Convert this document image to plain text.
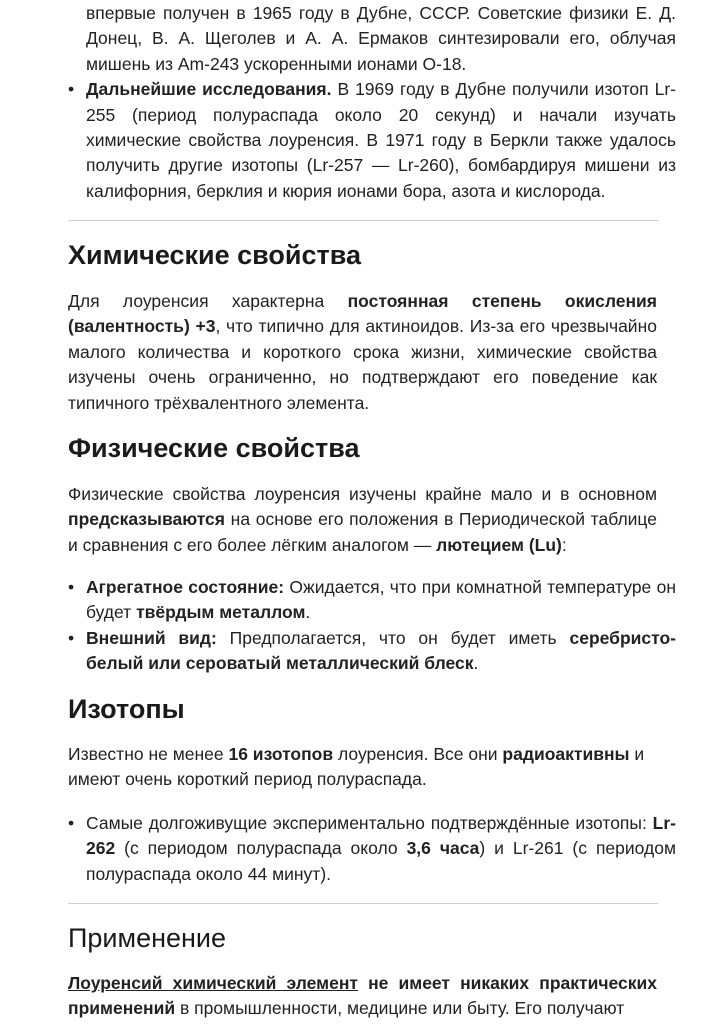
впервые получен в 1965 году в Дубне, СССР. Советские физики Е. Д. Донец, В. А. Щеголев и А. А. Ермаков синтезировали его, облучая мишень из Am-243 ускоренными ионами O-18.
• Дальнейшие исследования. В 1969 году в Дубне получили изотоп Lr-255 (период полураспада около 20 секунд) и начали изучать химические свойства лоуренсия. В 1971 году в Беркли также удалось получить другие изотопы (Lr-257 — Lr-260), бомбардируя мишени из калифорния, берклия и кюрия ионами бора, азота и кислорода.
Химические свойства

Для лоуренсия характерна постоянная степень окисления (валентность) +3, что типично для актиноидов. Из-за его чрезвычайно малого количества и короткого срока жизни, химические свойства изучены очень ограниченно, но подтверждают его поведение как типичного трёхвалентного элемента.

Физические свойства

Физические свойства лоуренсия изучены крайне мало и в основном предсказываются на основе его положения в Периодической таблице и сравнения с его более лёгким аналогом — лютецием (Lu):

• Агрегатное состояние: Ожидается, что при комнатной температуре он будет твёрдым металлом.
• Внешний вид: Предполагается, что он будет иметь серебристо-белый или сероватый металлический блеск.
Изотопы

Известно не менее 16 изотопов лоуренсия. Все они радиоактивны и имеют очень короткий период полураспада.

• Самые долгоживущие экспериментально подтверждённые изотопы: Lr-262 (с периодом полураспада около 3,6 часа) и Lr-261 (с периодом полураспада около 44 минут).
Применение

Лоуренсий химический элемент не имеет никаких практических применений в промышленности, медицине или быту. Его получают
